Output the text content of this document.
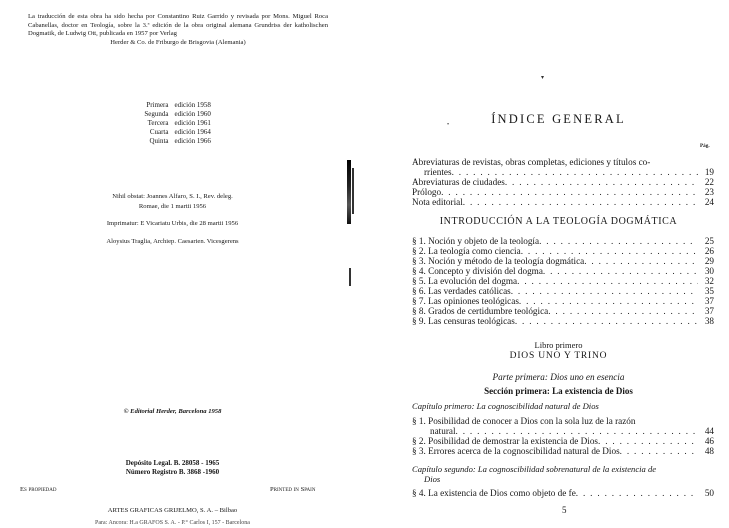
La traducción de esta obra ha sido hecha por Constantino Ruiz Garrido y revisada por Mons. Miguel Roca Cabanellas, doctor en Teología, sobre la 3.ª edición de la obra original alemana Grundriss der katholischen Dogmatik, de Ludwig Ott, publicada en 1957 por Verlag
Herder & Co. de Friburgo de Brisgovia (Alemania)
Primera edición 1958
Segunda edición 1960
Tercera edición 1961
Cuarta edición 1964
Quinta edición 1966
Nihil obstat: Joannes Alfaro, S. I., Rev. deleg.
Romae, die 1 martii 1956
Imprimatur: E Vicariatu Urbis, die 28 martii 1956
Aloysius Traglia, Archiep. Caesarien. Vicesgerens
© Editorial Herder, Barcelona 1958
Depósito Legal. B. 28058 - 1965
Número Registro B. 3868 -1960
Es propiedad	Printed in Spain
ARTES GRAFICAS GRIJELMO, S. A. – Bilbao
Para: Ancora: H.a GRAFOS S. A. - P.° Carlos I, 157 - Barcelona
▾
•	ÍNDICE GENERAL
Pág.
Abreviaturas de revistas, obras completas, ediciones y títulos co-
rrientes . . .	19
Abreviaturas de ciudades . . .	22
Prólogo . . .	23
Nota editorial . . .	24
INTRODUCCIÓN A LA TEOLOGÍA DOGMÁTICA
§ 1. Noción y objeto de la teología . . .	25
§ 2. La teología como ciencia . . .	26
§ 3. Noción y método de la teología dogmática . . .	29
§ 4. Concepto y división del dogma . . .	30
§ 5. La evolución del dogma . . .	32
§ 6. Las verdades católicas . . .	35
§ 7. Las opiniones teológicas . . .	37
§ 8. Grados de certidumbre teológica . . .	37
§ 9. Las censuras teológicas . . .	38
Libro primero
DIOS UNO Y TRINO
Parte primera: Dios uno en esencia
Sección primera: La existencia de Dios
Capítulo primero: La cognoscibilidad natural de Dios
§ 1. Posibilidad de conocer a Dios con la sola luz de la razón
natural . . .	44
§ 2. Posibilidad de demostrar la existencia de Dios . . .	46
§ 3. Errores acerca de la cognoscibilidad natural de Dios . . .	48
Capítulo segundo: La cognoscibilidad sobrenatural de la existencia de
Dios
§ 4. La existencia de Dios como objeto de fe . . .	50
5
